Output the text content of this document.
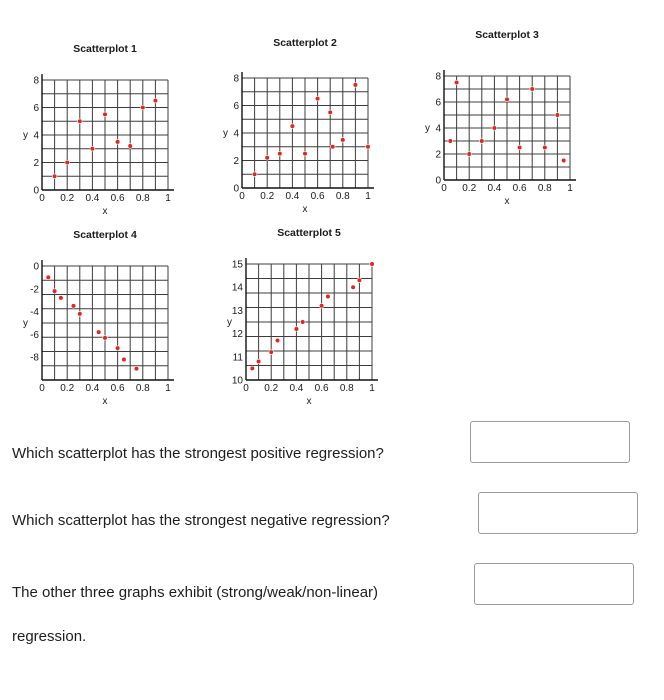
Scatterplot 1
0 0.2 0.4 0.6 0.8 1
0
2
4
6
8
x
y
Scatterplot 2
0 0.2 0.4 0.6 0.8 1
0
2
4
6
8
x
y
Scatterplot 3
0 0.2 0.4 0.6 0.8 1
0
2
4
6
8
x
y
Scatterplot 4
0 0.2 0.4 0.6 0.8 1
0
-2
-4
-6
-8
x
y
Scatterplot 5
0 0.2 0.4 0.6 0.8 1
10
11
12
13
14
15
x
y
Which scatterplot has the strongest positive regression?
Which scatterplot has the strongest negative regression?
The other three graphs exhibit (strong/weak/non-linear)
regression.
